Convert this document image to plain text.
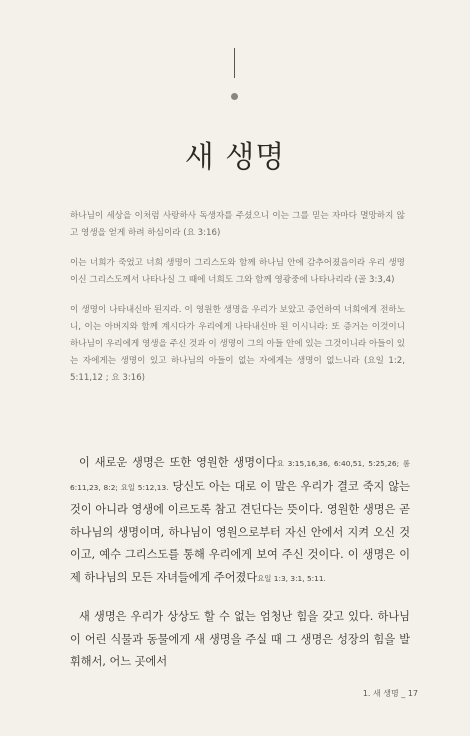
새 생명

하나님이 세상을 이처럼 사랑하사 독생자를 주셨으니 이는 그를 믿는 자마다 멸망하지 않고 영생을 얻게 하려 하심이라 (요 3:16)

이는 너희가 죽었고 너희 생명이 그리스도와 함께 하나님 안에 감추어졌음이라 우리 생명이신 그리스도께서 나타나실 그 때에 너희도 그와 함께 영광중에 나타나리라 (골 3:3,4)

이 생명이 나타내신바 된지라. 이 영원한 생명을 우리가 보았고 증언하여 너희에게 전하노니, 이는 아버지와 함께 계시다가 우리에게 나타내신바 된 이시니라: 또 증거는 이것이니 하나님이 우리에게 영생을 주신 것과 이 생명이 그의 아들 안에 있는 그것이니라 아들이 있는 자에게는 생명이 있고 하나님의 아들이 없는 자에게는 생명이 없느니라 (요일 1:2, 5:11,12 ; 요 3:16)

이 새로운 생명은 또한 영원한 생명이다요 3:15,16,36, 6:40,51, 5:25,26; 롬 6:11,23, 8:2; 요일 5:12,13. 당신도 아는 대로 이 말은 우리가 결코 죽지 않는 것이 아니라 영생에 이르도록 참고 견딘다는 뜻이다. 영원한 생명은 곧 하나님의 생명이며, 하나님이 영원으로부터 자신 안에서 지켜 오신 것이고, 예수 그리스도를 통해 우리에게 보여 주신 것이다. 이 생명은 이제 하나님의 모든 자녀들에게 주어졌다요일 1:3, 3:1, 5:11.

새 생명은 우리가 상상도 할 수 없는 엄청난 힘을 갖고 있다. 하나님이 어린 식물과 동물에게 새 생명을 주실 때 그 생명은 성장의 힘을 발휘해서, 어느 곳에서

1. 새 생명 _ 17
